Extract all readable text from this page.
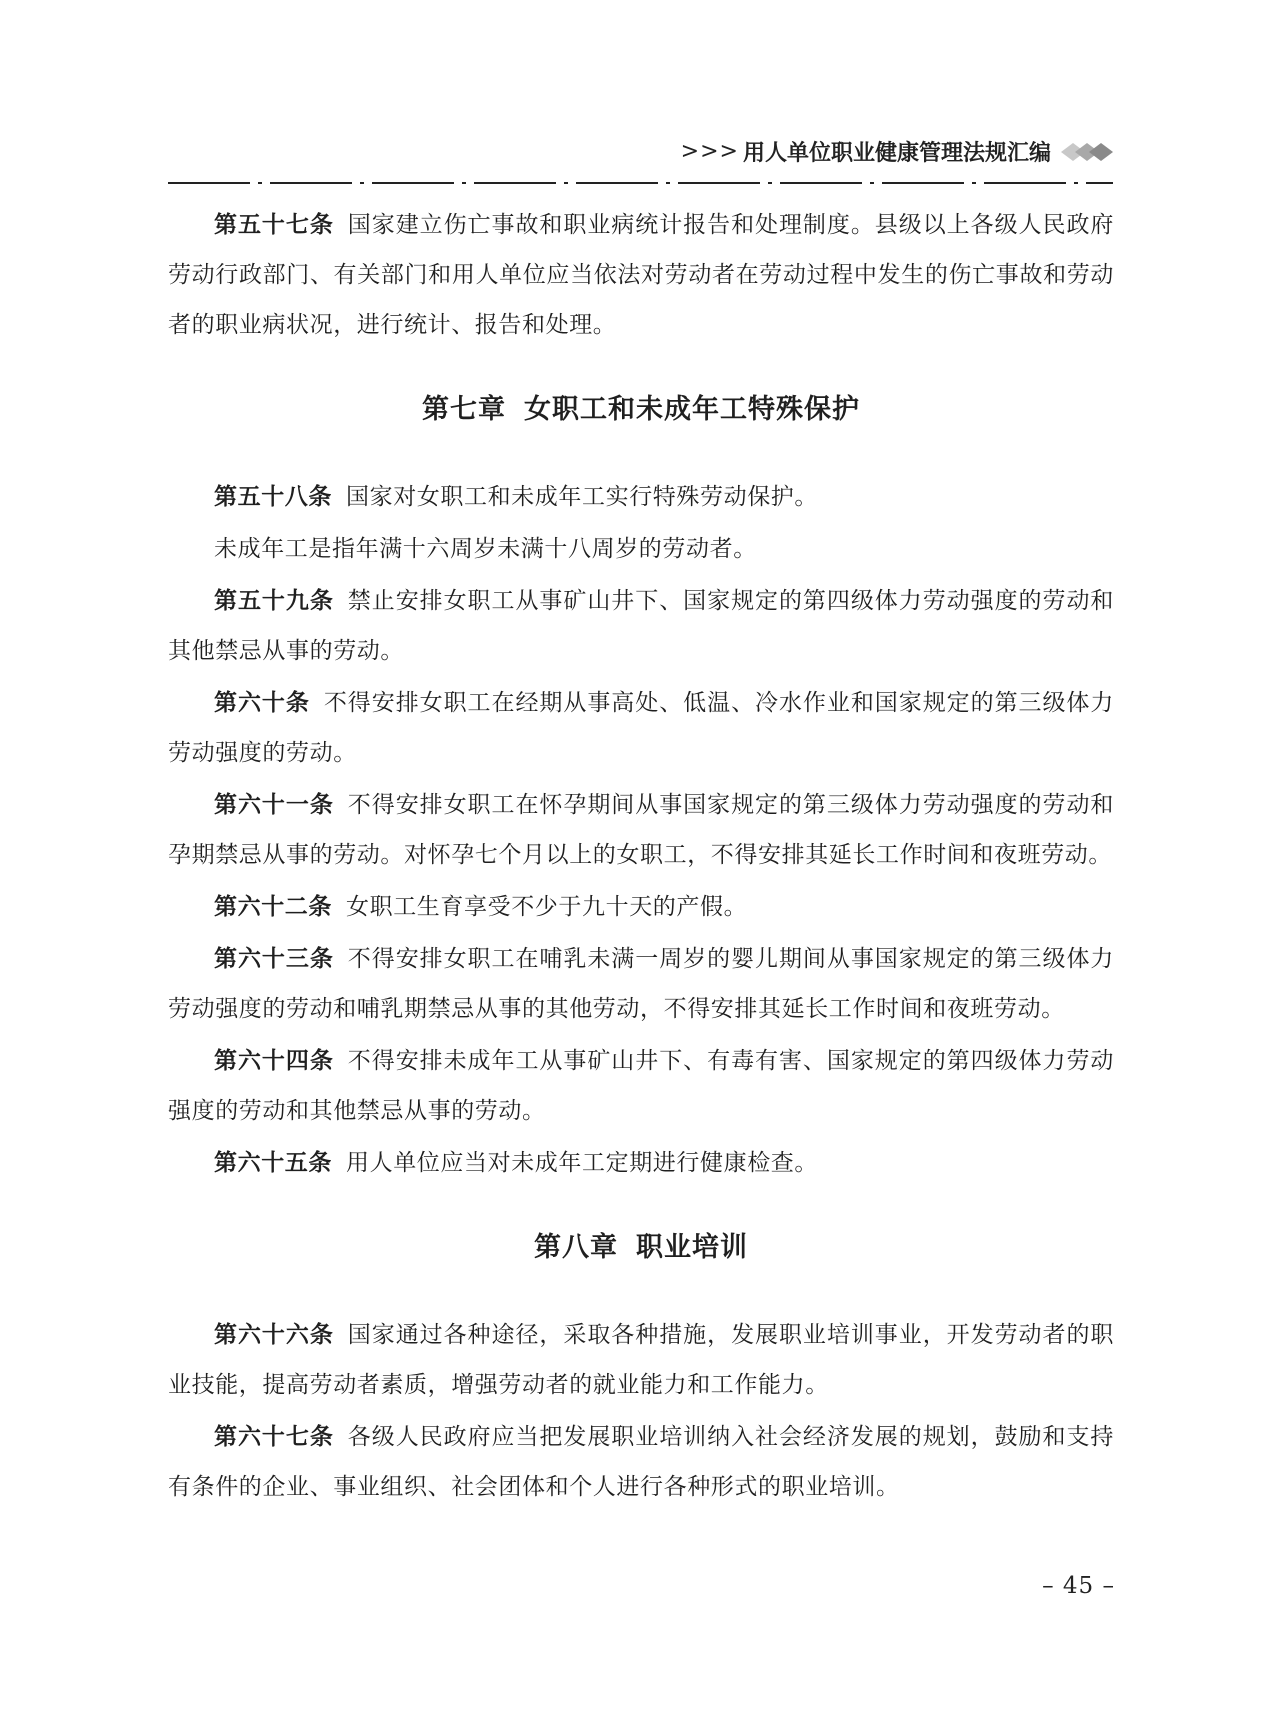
>>> 用人单位职业健康管理法规汇编

第五十七条 国家建立伤亡事故和职业病统计报告和处理制度。县级以上各级人民政府劳动行政部门、有关部门和用人单位应当依法对劳动者在劳动过程中发生的伤亡事故和劳动者的职业病状况，进行统计、报告和处理。

第七章 女职工和未成年工特殊保护

第五十八条 国家对女职工和未成年工实行特殊劳动保护。

未成年工是指年满十六周岁未满十八周岁的劳动者。

第五十九条 禁止安排女职工从事矿山井下、国家规定的第四级体力劳动强度的劳动和其他禁忌从事的劳动。

第六十条 不得安排女职工在经期从事高处、低温、冷水作业和国家规定的第三级体力劳动强度的劳动。

第六十一条 不得安排女职工在怀孕期间从事国家规定的第三级体力劳动强度的劳动和孕期禁忌从事的劳动。对怀孕七个月以上的女职工，不得安排其延长工作时间和夜班劳动。

第六十二条 女职工生育享受不少于九十天的产假。

第六十三条 不得安排女职工在哺乳未满一周岁的婴儿期间从事国家规定的第三级体力劳动强度的劳动和哺乳期禁忌从事的其他劳动，不得安排其延长工作时间和夜班劳动。

第六十四条 不得安排未成年工从事矿山井下、有毒有害、国家规定的第四级体力劳动强度的劳动和其他禁忌从事的劳动。

第六十五条 用人单位应当对未成年工定期进行健康检查。

第八章 职业培训

第六十六条 国家通过各种途径，采取各种措施，发展职业培训事业，开发劳动者的职业技能，提高劳动者素质，增强劳动者的就业能力和工作能力。

第六十七条 各级人民政府应当把发展职业培训纳入社会经济发展的规划，鼓励和支持有条件的企业、事业组织、社会团体和个人进行各种形式的职业培训。

– 45 –
